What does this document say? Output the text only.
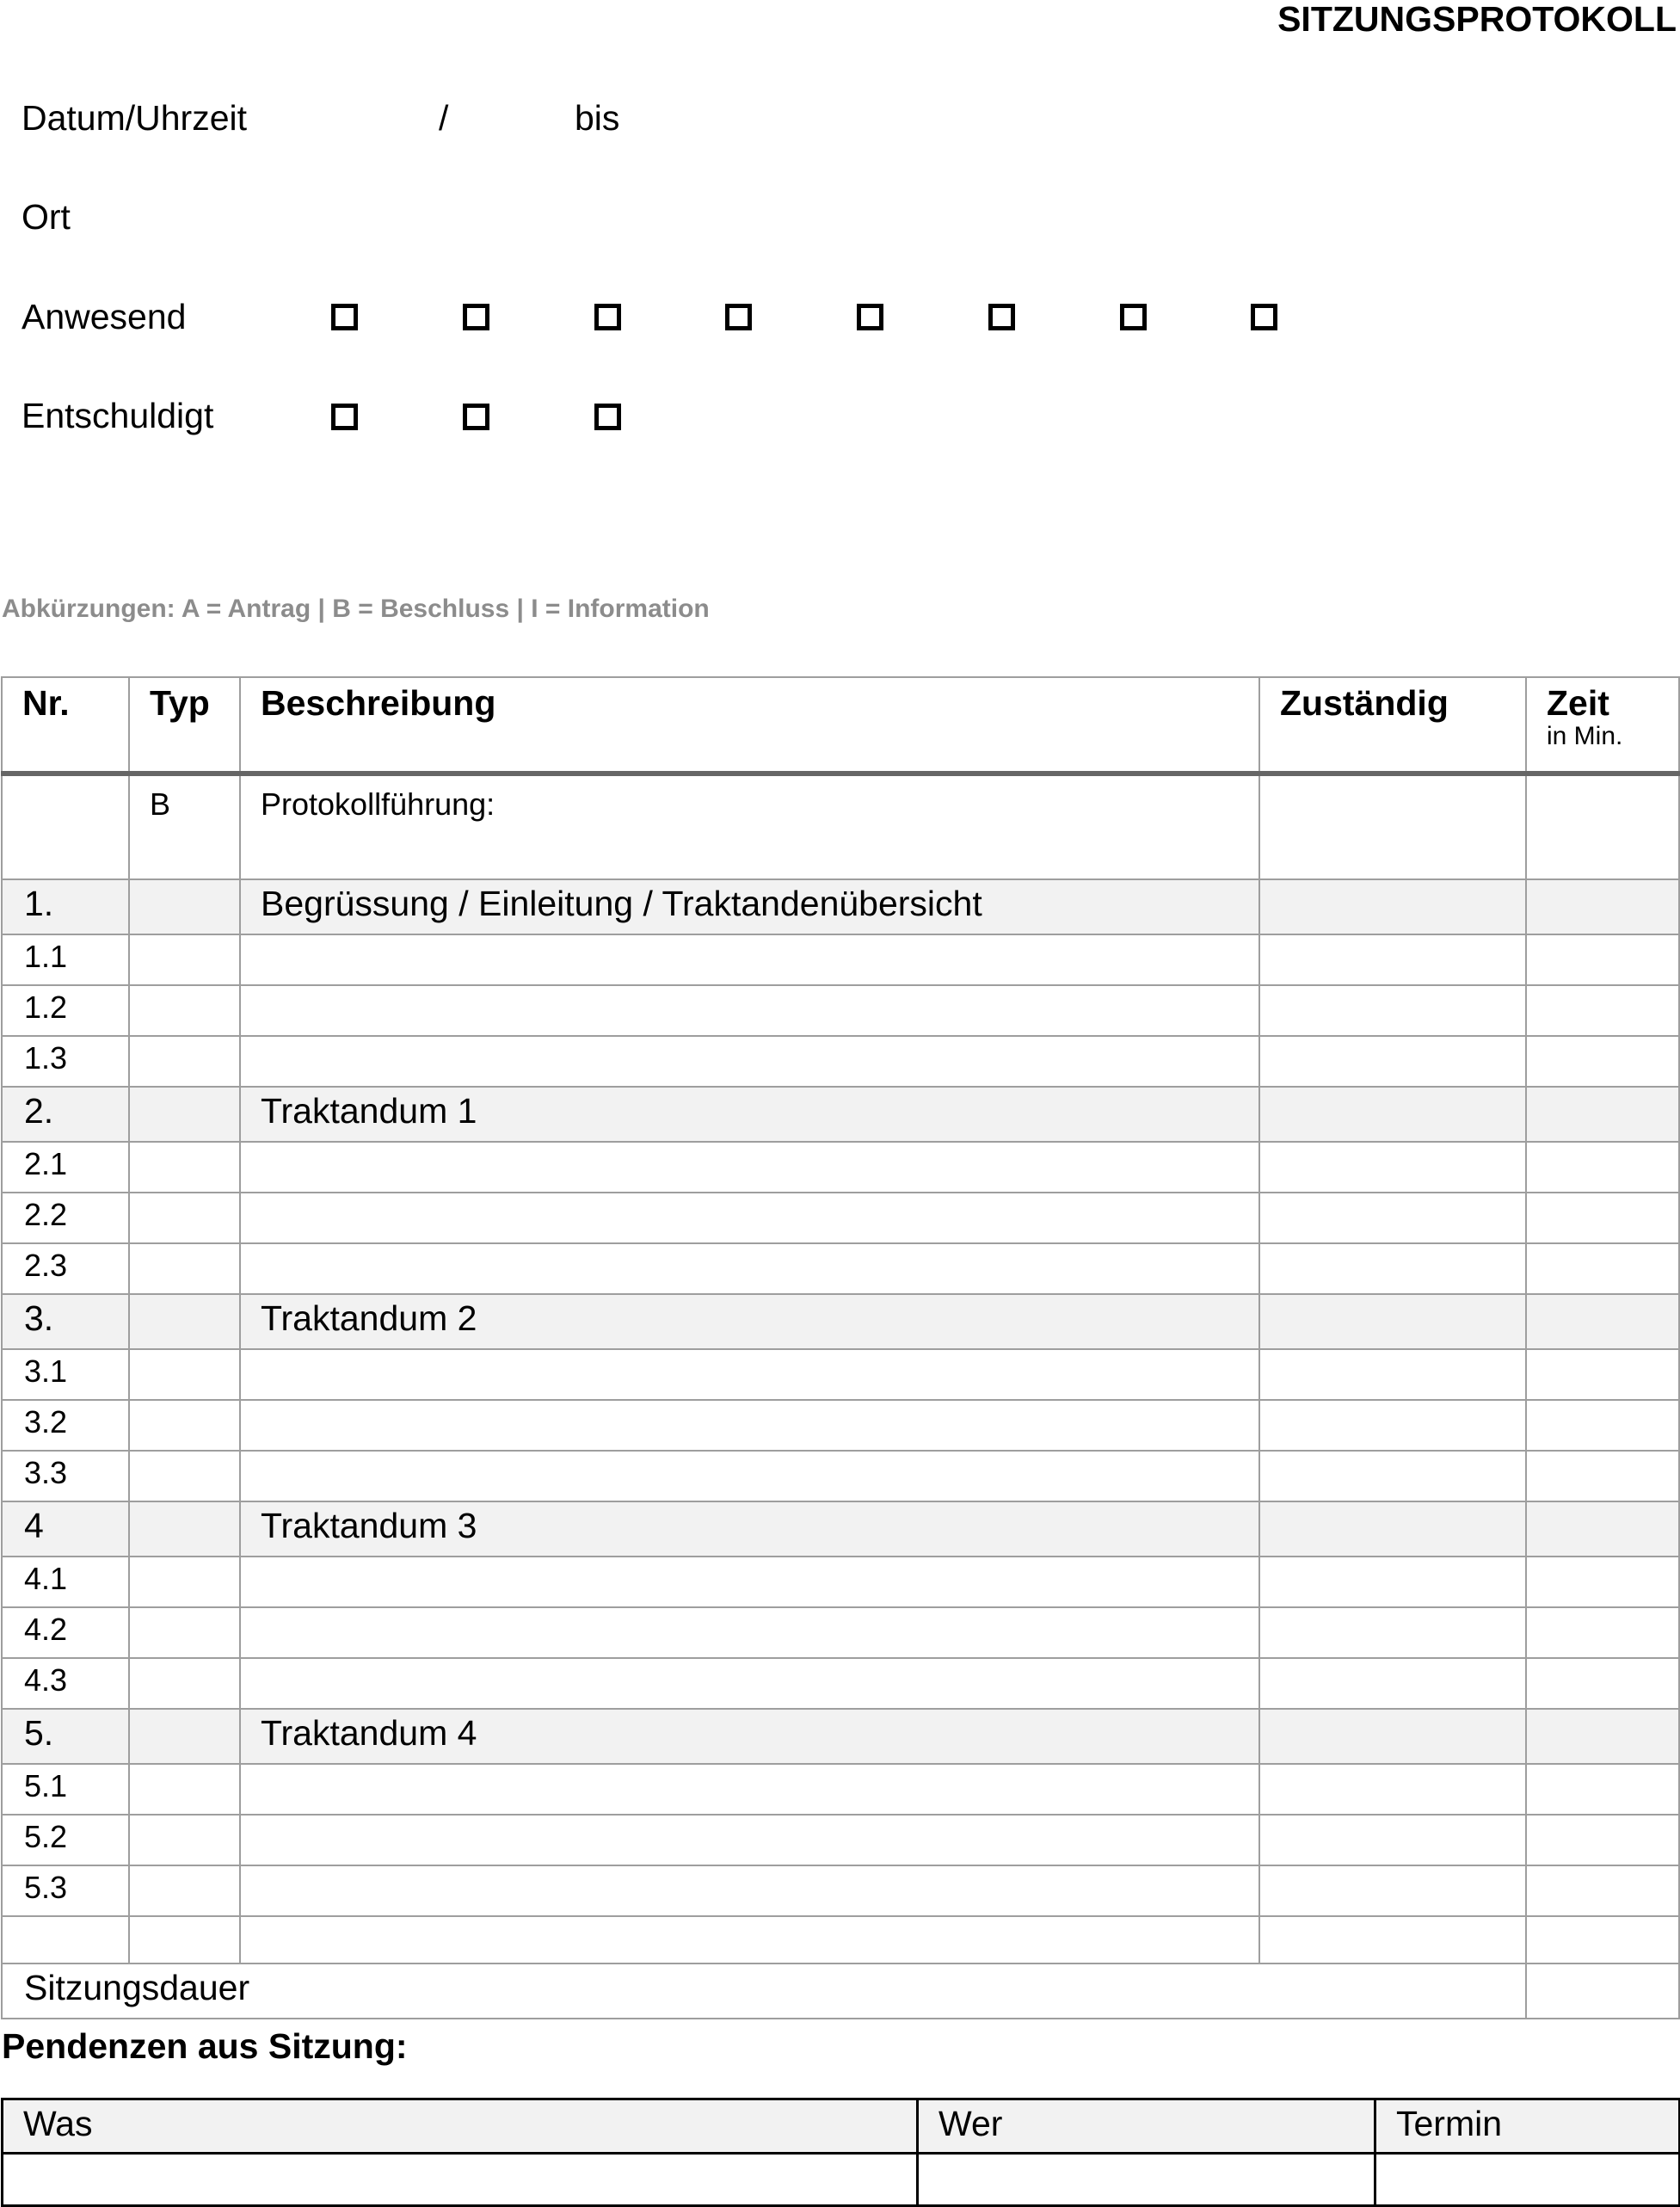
SITZUNGSPROTOKOLL
Datum/Uhrzeit	/	bis
Ort
Anwesend
Entschuldigt
Abkürzungen: A = Antrag | B = Beschluss | I = Information
Nr.	Typ	Beschreibung	Zuständig	Zeit
in Min.

	B	Protokollführung:		
1.		Begrüssung / Einleitung / Traktandenübersicht		
1.1				
1.2				
1.3				
2.		Traktandum 1		
2.1				
2.2				
2.3				
3.		Traktandum 2		
3.1				
3.2				
3.3				
4		Traktandum 3		
4.1				
4.2				
4.3				
5.		Traktandum 4		
5.1				
5.2				
5.3				

Sitzungsdauer				
Pendenzen aus Sitzung:
Was	Wer	Termin
